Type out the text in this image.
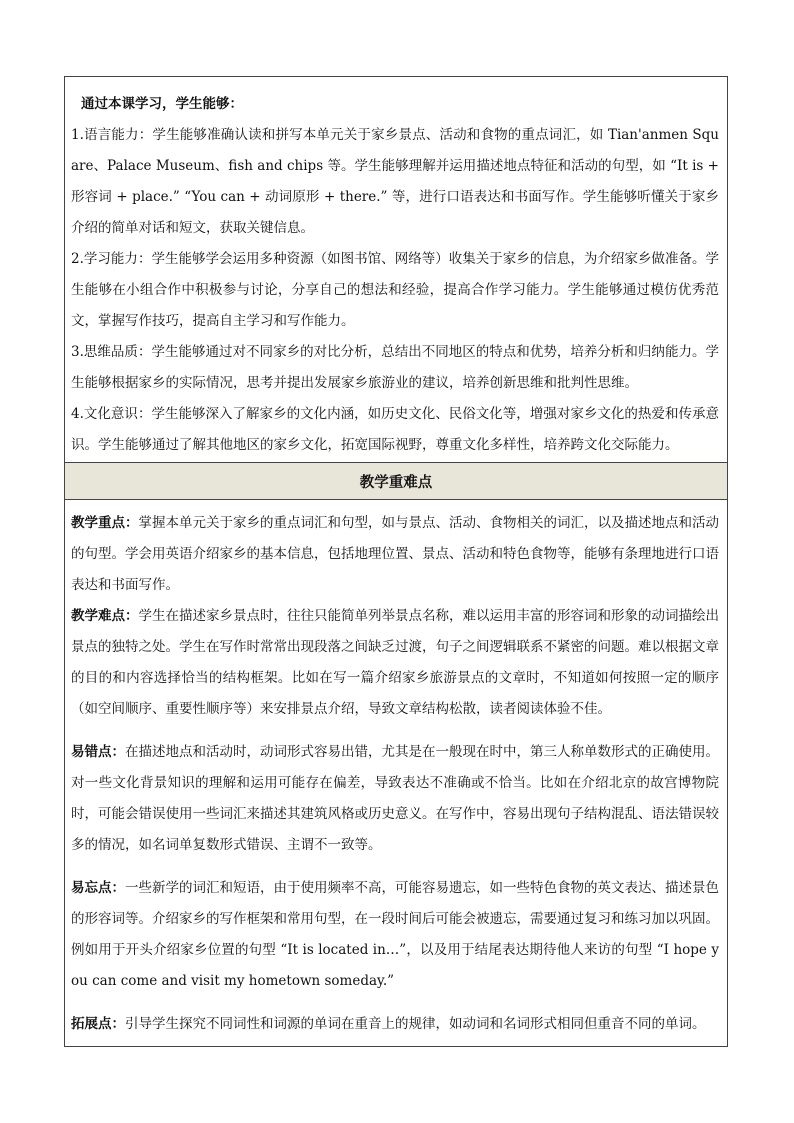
通过本课学习，学生能够：

1.语言能力：学生能够准确认读和拼写本单元关于家乡景点、活动和食物的重点词汇，如 Tian'anmen Square、Palace Museum、fish and chips 等。学生能够理解并运用描述地点特征和活动的句型，如 “It is + 形容词 + place.” “You can + 动词原形 + there.” 等，进行口语表达和书面写作。学生能够听懂关于家乡介绍的简单对话和短文，获取关键信息。

2.学习能力：学生能够学会运用多种资源（如图书馆、网络等）收集关于家乡的信息，为介绍家乡做准备。学生能够在小组合作中积极参与讨论，分享自己的想法和经验，提高合作学习能力。学生能够通过模仿优秀范文，掌握写作技巧，提高自主学习和写作能力。

3.思维品质：学生能够通过对不同家乡的对比分析，总结出不同地区的特点和优势，培养分析和归纳能力。学生能够根据家乡的实际情况，思考并提出发展家乡旅游业的建议，培养创新思维和批判性思维。

4.文化意识：学生能够深入了解家乡的文化内涵，如历史文化、民俗文化等，增强对家乡文化的热爱和传承意识。学生能够通过了解其他地区的家乡文化，拓宽国际视野，尊重文化多样性，培养跨文化交际能力。

教学重难点

教学重点：掌握本单元关于家乡的重点词汇和句型，如与景点、活动、食物相关的词汇，以及描述地点和活动的句型。学会用英语介绍家乡的基本信息，包括地理位置、景点、活动和特色食物等，能够有条理地进行口语表达和书面写作。

教学难点：学生在描述家乡景点时，往往只能简单列举景点名称，难以运用丰富的形容词和形象的动词描绘出景点的独特之处。学生在写作时常常出现段落之间缺乏过渡，句子之间逻辑联系不紧密的问题。难以根据文章的目的和内容选择恰当的结构框架。比如在写一篇介绍家乡旅游景点的文章时，不知道如何按照一定的顺序（如空间顺序、重要性顺序等）来安排景点介绍，导致文章结构松散，读者阅读体验不佳。

易错点：在描述地点和活动时，动词形式容易出错，尤其是在一般现在时中，第三人称单数形式的正确使用。对一些文化背景知识的理解和运用可能存在偏差，导致表达不准确或不恰当。比如在介绍北京的故宫博物院时，可能会错误使用一些词汇来描述其建筑风格或历史意义。在写作中，容易出现句子结构混乱、语法错误较多的情况，如名词单复数形式错误、主谓不一致等。

易忘点：一些新学的词汇和短语，由于使用频率不高，可能容易遗忘，如一些特色食物的英文表达、描述景色的形容词等。介绍家乡的写作框架和常用句型，在一段时间后可能会被遗忘，需要通过复习和练习加以巩固。例如用于开头介绍家乡位置的句型 “It is located in…”，以及用于结尾表达期待他人来访的句型 “I hope you can come and visit my hometown someday.”

拓展点：引导学生探究不同词性和词源的单词在重音上的规律，如动词和名词形式相同但重音不同的单词。
